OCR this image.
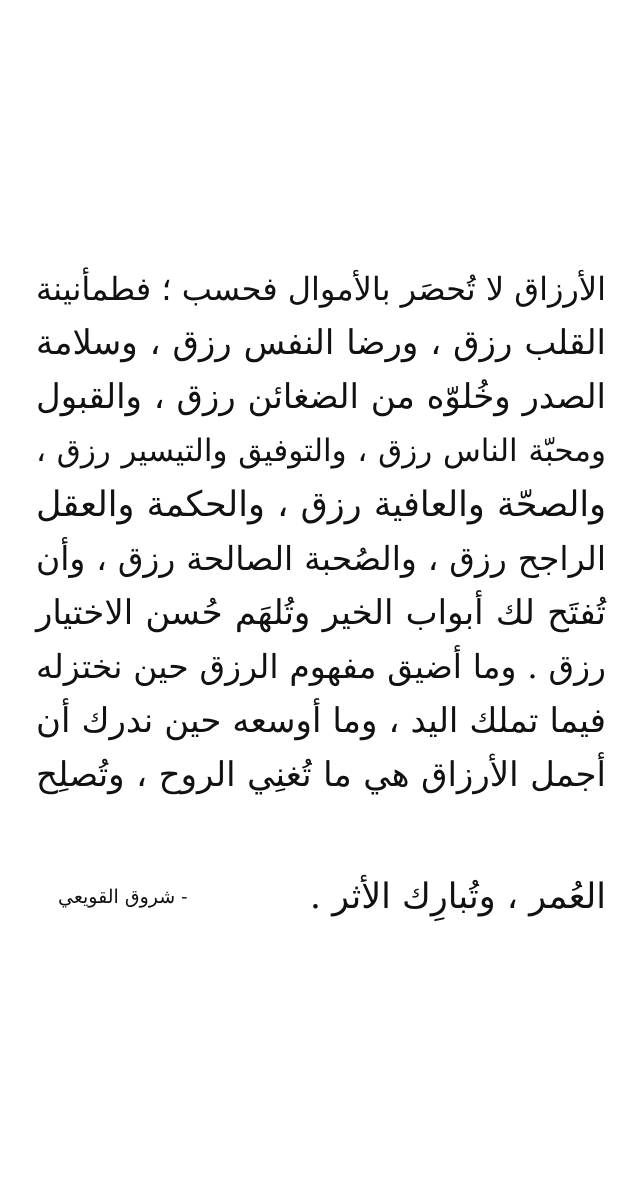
الأرزاق لا تُحصَر بالأموال فحسب ؛ فطمأنينة
القلب رزق ، ورضا النفس رزق ، وسلامة
الصدر وخُلوّه من الضغائن رزق ، والقبول
ومحبّة الناس رزق ، والتوفيق والتيسير رزق ،
والصحّة والعافية رزق ، والحكمة والعقل
الراجح رزق ، والصُحبة الصالحة رزق ، وأن
تُفتَح لك أبواب الخير وتُلهَم حُسن الاختيار
رزق . وما أضيق مفهوم الرزق حين نختزله
فيما تملك اليد ، وما أوسعه حين ندرك أن
أجمل الأرزاق هي ما تُغنِي الروح ، وتُصلِح
العُمر ، وتُبارِك الأثر .
- شروق القويعي
